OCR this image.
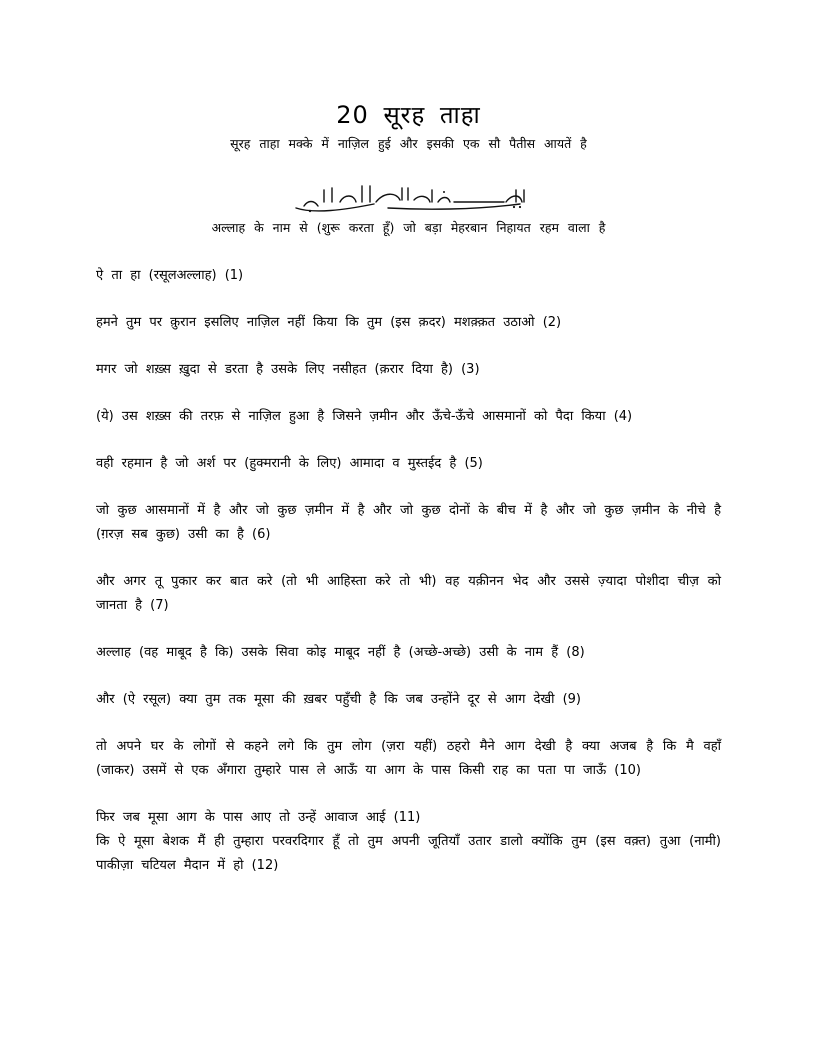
20 सूरह ताहा

सूरह ताहा मक्के में नाज़िल हुई और इसकी एक सौ पैतीस आयतें है

अल्लाह के नाम से (शुरू करता हूँ) जो बड़ा मेहरबान निहायत रहम वाला है

ऐ ता हा (रसूलअल्लाह) (1)

हमने तुम पर क़ुरान इसलिए नाज़िल नहीं किया कि तुम (इस क़दर) मशक़्क़त उठाओ (2)

मगर जो शख़्स ख़ुदा से डरता है उसके लिए नसीहत (क़रार दिया है) (3)

(ये) उस शख़्स की तरफ़ से नाज़िल हुआ है जिसने ज़मीन और ऊँचे-ऊँचे आसमानों को पैदा किया (4)

वही रहमान है जो अर्श पर (हुक्मरानी के लिए) आमादा व मुस्तईद है (5)

जो कुछ आसमानों में है और जो कुछ ज़मीन में है और जो कुछ दोनों के बीच में है और जो कुछ ज़मीन के नीचे है (ग़रज़ सब कुछ) उसी का है (6)

और अगर तू पुकार कर बात करे (तो भी आहिस्ता करे तो भी) वह यक़ीनन भेद और उससे ज़्यादा पोशीदा चीज़ को जानता है (7)

अल्लाह (वह माबूद है कि) उसके सिवा कोइ माबूद नहीं है (अच्छे-अच्छे) उसी के नाम हैं (8)

और (ऐ रसूल) क्या तुम तक मूसा की ख़बर पहुँची है कि जब उन्होंने दूर से आग देखी (9)

तो अपने घर के लोगों से कहने लगे कि तुम लोग (ज़रा यहीं) ठहरो मैने आग देखी है क्या अजब है कि मै वहाँ (जाकर) उसमें से एक अँगारा तुम्हारे पास ले आऊँ या आग के पास किसी राह का पता पा जाऊँ (10)

फिर जब मूसा आग के पास आए तो उन्हें आवाज आई (11)

कि ऐ मूसा बेशक मैं ही तुम्हारा परवरदिगार हूँ तो तुम अपनी जूतियाँ उतार डालो क्योंकि तुम (इस वक़्त) तुआ (नामी) पाकीज़ा चटियल मैदान में हो (12)
